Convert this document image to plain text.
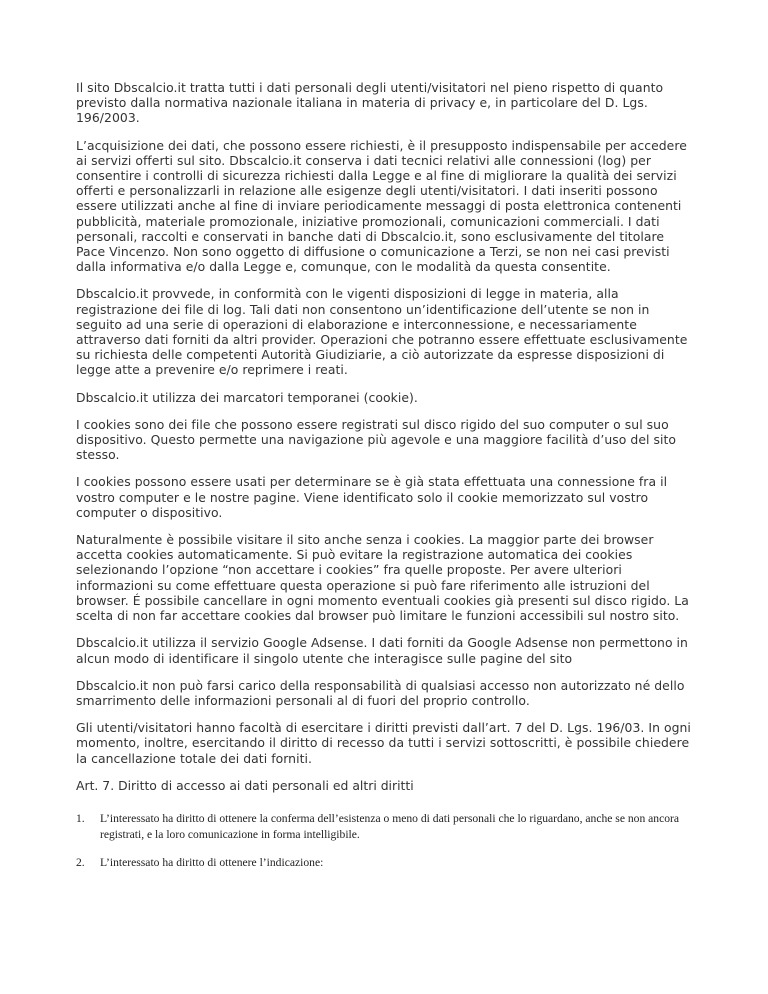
Il sito Dbscalcio.it tratta tutti i dati personali degli utenti/visitatori nel pieno rispetto di quanto previsto dalla normativa nazionale italiana in materia di privacy e, in particolare del D. Lgs. 196/2003.

L’acquisizione dei dati, che possono essere richiesti, è il presupposto indispensabile per accedere ai servizi offerti sul sito. Dbscalcio.it conserva i dati tecnici relativi alle connessioni (log) per consentire i controlli di sicurezza richiesti dalla Legge e al fine di migliorare la qualità dei servizi offerti e personalizzarli in relazione alle esigenze degli utenti/visitatori. I dati inseriti possono essere utilizzati anche al fine di inviare periodicamente messaggi di posta elettronica contenenti pubblicità, materiale promozionale, iniziative promozionali, comunicazioni commerciali. I dati personali, raccolti e conservati in banche dati di Dbscalcio.it, sono esclusivamente del titolare Pace Vincenzo. Non sono oggetto di diffusione o comunicazione a Terzi, se non nei casi previsti dalla informativa e/o dalla Legge e, comunque, con le modalità da questa consentite.

Dbscalcio.it provvede, in conformità con le vigenti disposizioni di legge in materia, alla registrazione dei file di log. Tali dati non consentono un’identificazione dell’utente se non in seguito ad una serie di operazioni di elaborazione e interconnessione, e necessariamente attraverso dati forniti da altri provider. Operazioni che potranno essere effettuate esclusivamente su richiesta delle competenti Autorità Giudiziarie, a ciò autorizzate da espresse disposizioni di legge atte a prevenire e/o reprimere i reati.

Dbscalcio.it utilizza dei marcatori temporanei (cookie).

I cookies sono dei file che possono essere registrati sul disco rigido del suo computer o sul suo dispositivo. Questo permette una navigazione più agevole e una maggiore facilità d’uso del sito stesso.

I cookies possono essere usati per determinare se è già stata effettuata una connessione fra il vostro computer e le nostre pagine. Viene identificato solo il cookie memorizzato sul vostro computer o dispositivo.

Naturalmente è possibile visitare il sito anche senza i cookies. La maggior parte dei browser accetta cookies automaticamente. Si può evitare la registrazione automatica dei cookies selezionando l’opzione “non accettare i cookies” fra quelle proposte. Per avere ulteriori informazioni su come effettuare questa operazione si può fare riferimento alle istruzioni del browser. É possibile cancellare in ogni momento eventuali cookies già presenti sul disco rigido. La scelta di non far accettare cookies dal browser può limitare le funzioni accessibili sul nostro sito.

Dbscalcio.it utilizza il servizio Google Adsense. I dati forniti da Google Adsense non permettono in alcun modo di identificare il singolo utente che interagisce sulle pagine del sito

Dbscalcio.it non può farsi carico della responsabilità di qualsiasi accesso non autorizzato né dello smarrimento delle informazioni personali al di fuori del proprio controllo.

Gli utenti/visitatori hanno facoltà di esercitare i diritti previsti dall’art. 7 del D. Lgs. 196/03. In ogni momento, inoltre, esercitando il diritto di recesso da tutti i servizi sottoscritti, è possibile chiedere la cancellazione totale dei dati forniti.

Art. 7. Diritto di accesso ai dati personali ed altri diritti

1.	L’interessato ha diritto di ottenere la conferma dell’esistenza o meno di dati personali che lo riguardano, anche se non ancora registrati, e la loro comunicazione in forma intelligibile.
2.	L’interessato ha diritto di ottenere l’indicazione:
